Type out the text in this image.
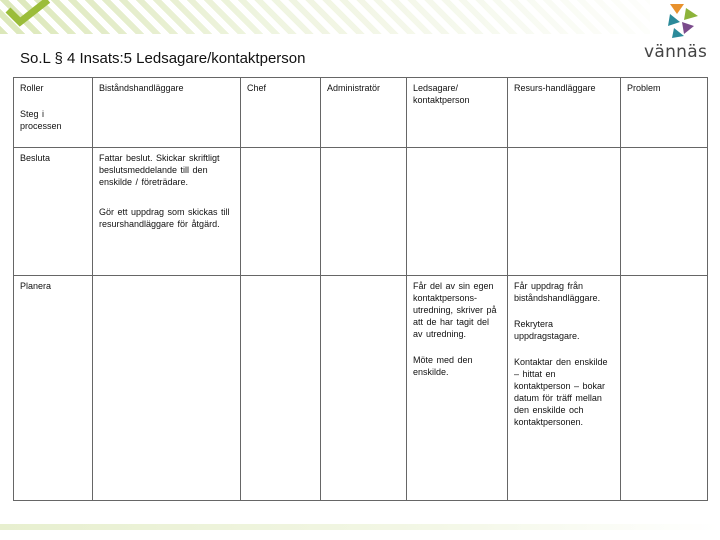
So.L § 4 Insats:5 Ledsagare/kontaktperson	vännäs
Roller
Steg i processen	Biståndshandläggare	Chef	Administratör	Ledsagare/ kontaktperson	Resurs-handläggare	Problem

Besluta	Fattar beslut. Skickar skriftligt beslutsmeddelande till den enskilde / företrädare.
Gör ett uppdrag som skickas till resurshandläggare för åtgärd.					

Planera				Får del av sin egen kontaktpersons-utredning, skriver på att de har tagit del av utredning.
Möte med den enskilde.	Får uppdrag från biståndshandläggare.
Rekrytera uppdragstagare.
Kontaktar den enskilde – hittat en kontaktperson – bokar datum för träff mellan den enskilde och kontaktpersonen.	
